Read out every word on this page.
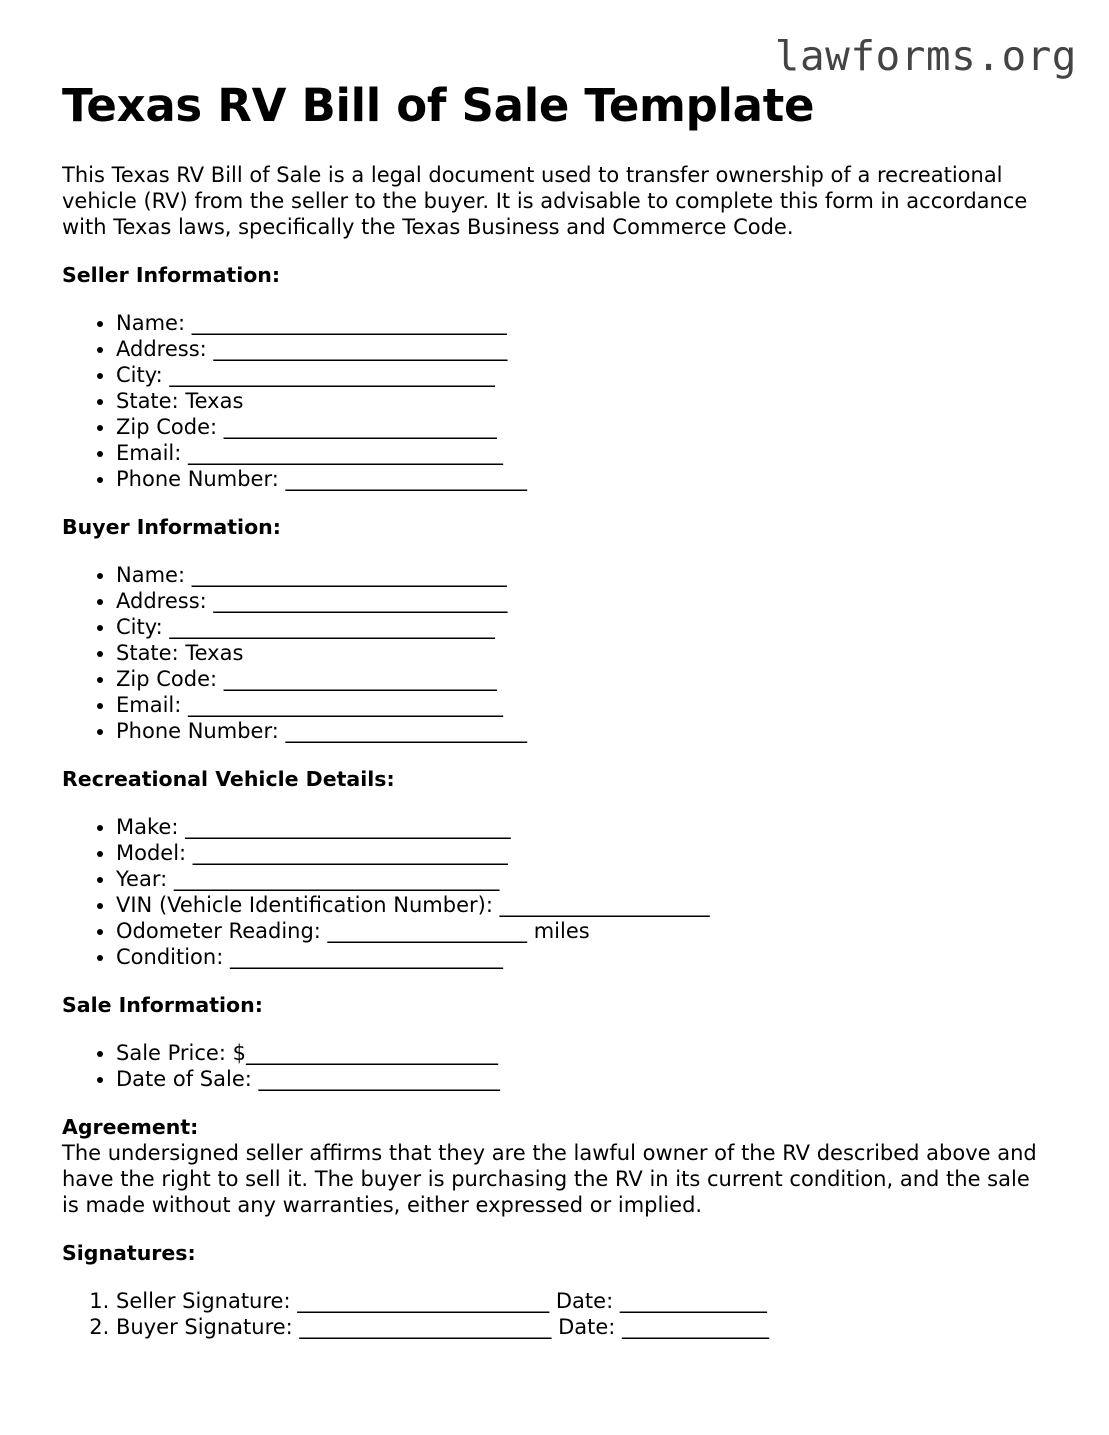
lawforms.org
Texas RV Bill of Sale Template

This Texas RV Bill of Sale is a legal document used to transfer ownership of a recreational vehicle (RV) from the seller to the buyer. It is advisable to complete this form in accordance with Texas laws, specifically the Texas Business and Commerce Code.

Seller Information:
• Name: ______________________________
• Address: ____________________________
• City: _______________________________
• State: Texas
• Zip Code: __________________________
• Email: ______________________________
• Phone Number: _______________________
Buyer Information:
• Name: ______________________________
• Address: ____________________________
• City: _______________________________
• State: Texas
• Zip Code: __________________________
• Email: ______________________________
• Phone Number: _______________________
Recreational Vehicle Details:
• Make: _______________________________
• Model: ______________________________
• Year: _______________________________
• VIN (Vehicle Identification Number): ____________________
• Odometer Reading: ___________________ miles
• Condition: __________________________
Sale Information:
• Sale Price: $________________________
• Date of Sale: _______________________
Agreement:

The undersigned seller affirms that they are the lawful owner of the RV described above and have the right to sell it. The buyer is purchasing the RV in its current condition, and the sale is made without any warranties, either expressed or implied.

Signatures:
1. Seller Signature: ________________________ Date: ______________
2. Buyer Signature: ________________________ Date: ______________
